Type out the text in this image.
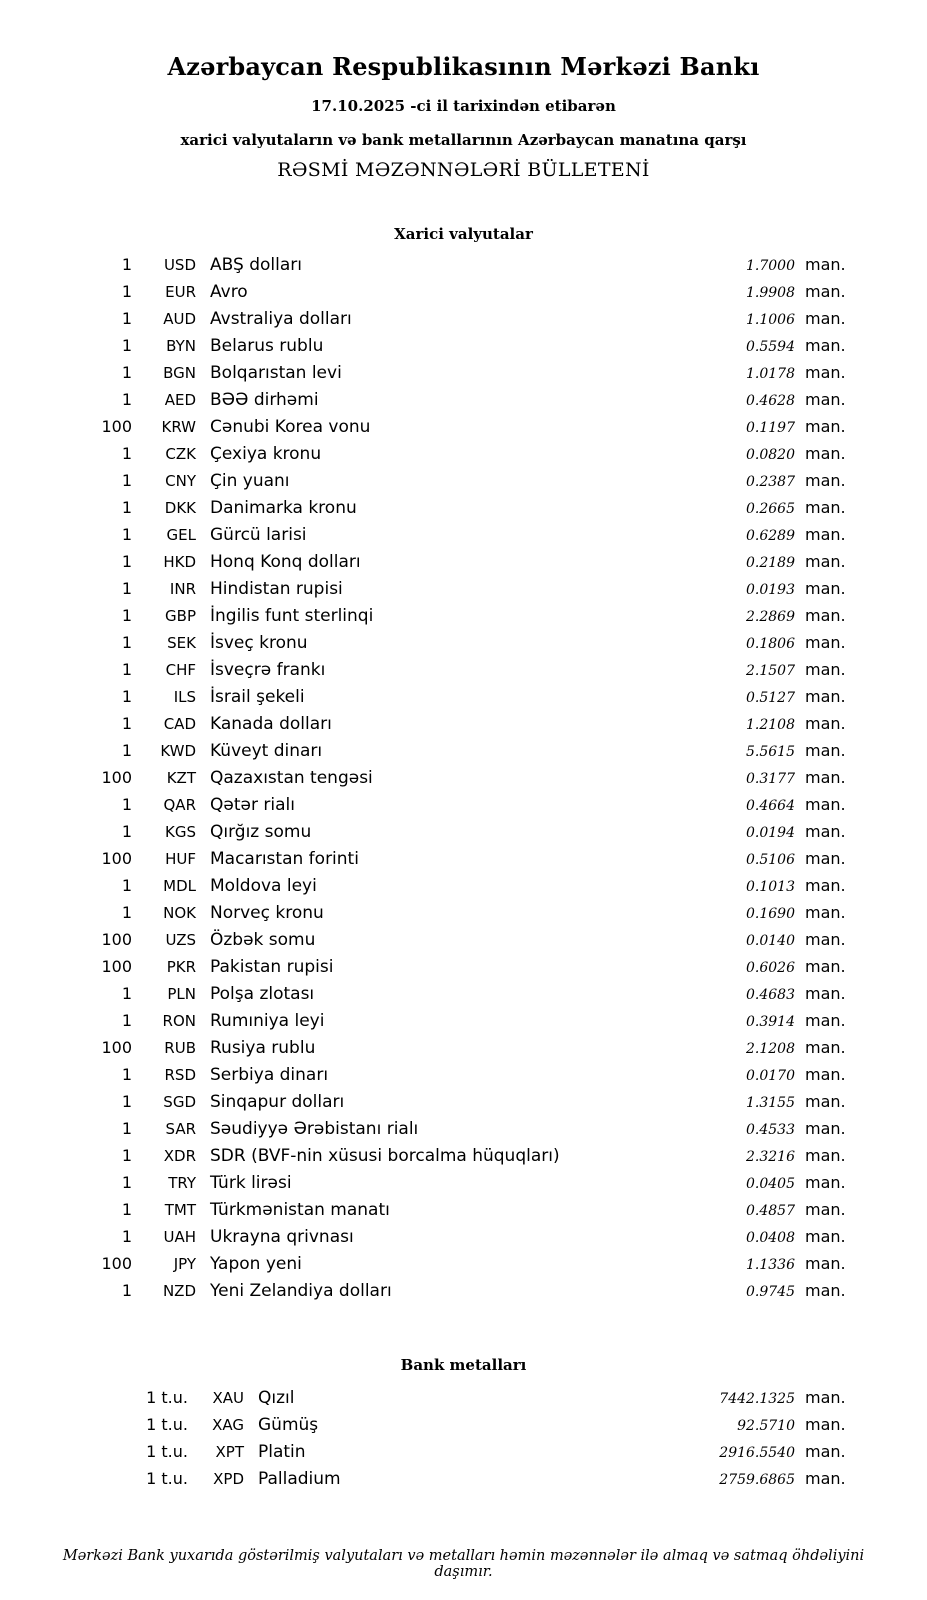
Azərbaycan Respublikasının Mərkəzi Bankı
17.10.2025 -ci il tarixindən etibarən
xarici valyutaların və bank metallarının Azərbaycan manatına qarşı
RƏSMİ MƏZƏNNƏLƏRİ BÜLLETENİ
Xarici valyutalar
1	USD	ABŞ dolları	1.7000	man.
1	EUR	Avro	1.9908	man.
1	AUD	Avstraliya dolları	1.1006	man.
1	BYN	Belarus rublu	0.5594	man.
1	BGN	Bolqarıstan levi	1.0178	man.
1	AED	BƏƏ dirhəmi	0.4628	man.
100	KRW	Cənubi Korea vonu	0.1197	man.
1	CZK	Çexiya kronu	0.0820	man.
1	CNY	Çin yuanı	0.2387	man.
1	DKK	Danimarka kronu	0.2665	man.
1	GEL	Gürcü larisi	0.6289	man.
1	HKD	Honq Konq dolları	0.2189	man.
1	INR	Hindistan rupisi	0.0193	man.
1	GBP	İngilis funt sterlinqi	2.2869	man.
1	SEK	İsveç kronu	0.1806	man.
1	CHF	İsveçrə frankı	2.1507	man.
1	ILS	İsrail şekeli	0.5127	man.
1	CAD	Kanada dolları	1.2108	man.
1	KWD	Küveyt dinarı	5.5615	man.
100	KZT	Qazaxıstan tengəsi	0.3177	man.
1	QAR	Qətər rialı	0.4664	man.
1	KGS	Qırğız somu	0.0194	man.
100	HUF	Macarıstan forinti	0.5106	man.
1	MDL	Moldova leyi	0.1013	man.
1	NOK	Norveç kronu	0.1690	man.
100	UZS	Özbək somu	0.0140	man.
100	PKR	Pakistan rupisi	0.6026	man.
1	PLN	Polşa zlotası	0.4683	man.
1	RON	Rumıniya leyi	0.3914	man.
100	RUB	Rusiya rublu	2.1208	man.
1	RSD	Serbiya dinarı	0.0170	man.
1	SGD	Sinqapur dolları	1.3155	man.
1	SAR	Səudiyyə Ərəbistanı rialı	0.4533	man.
1	XDR	SDR (BVF-nin xüsusi borcalma hüquqları)	2.3216	man.
1	TRY	Türk lirəsi	0.0405	man.
1	TMT	Türkmənistan manatı	0.4857	man.
1	UAH	Ukrayna qrivnası	0.0408	man.
100	JPY	Yapon yeni	1.1336	man.
1	NZD	Yeni Zelandiya dolları	0.9745	man.
Bank metalları
1 t.u.	XAU	Qızıl	7442.1325	man.
1 t.u.	XAG	Gümüş	92.5710	man.
1 t.u.	XPT	Platin	2916.5540	man.
1 t.u.	XPD	Palladium	2759.6865	man.
Mərkəzi Bank yuxarıda göstərilmiş valyutaları və metalları həmin məzənnələr ilə almaq və satmaq öhdəliyini daşımır.
